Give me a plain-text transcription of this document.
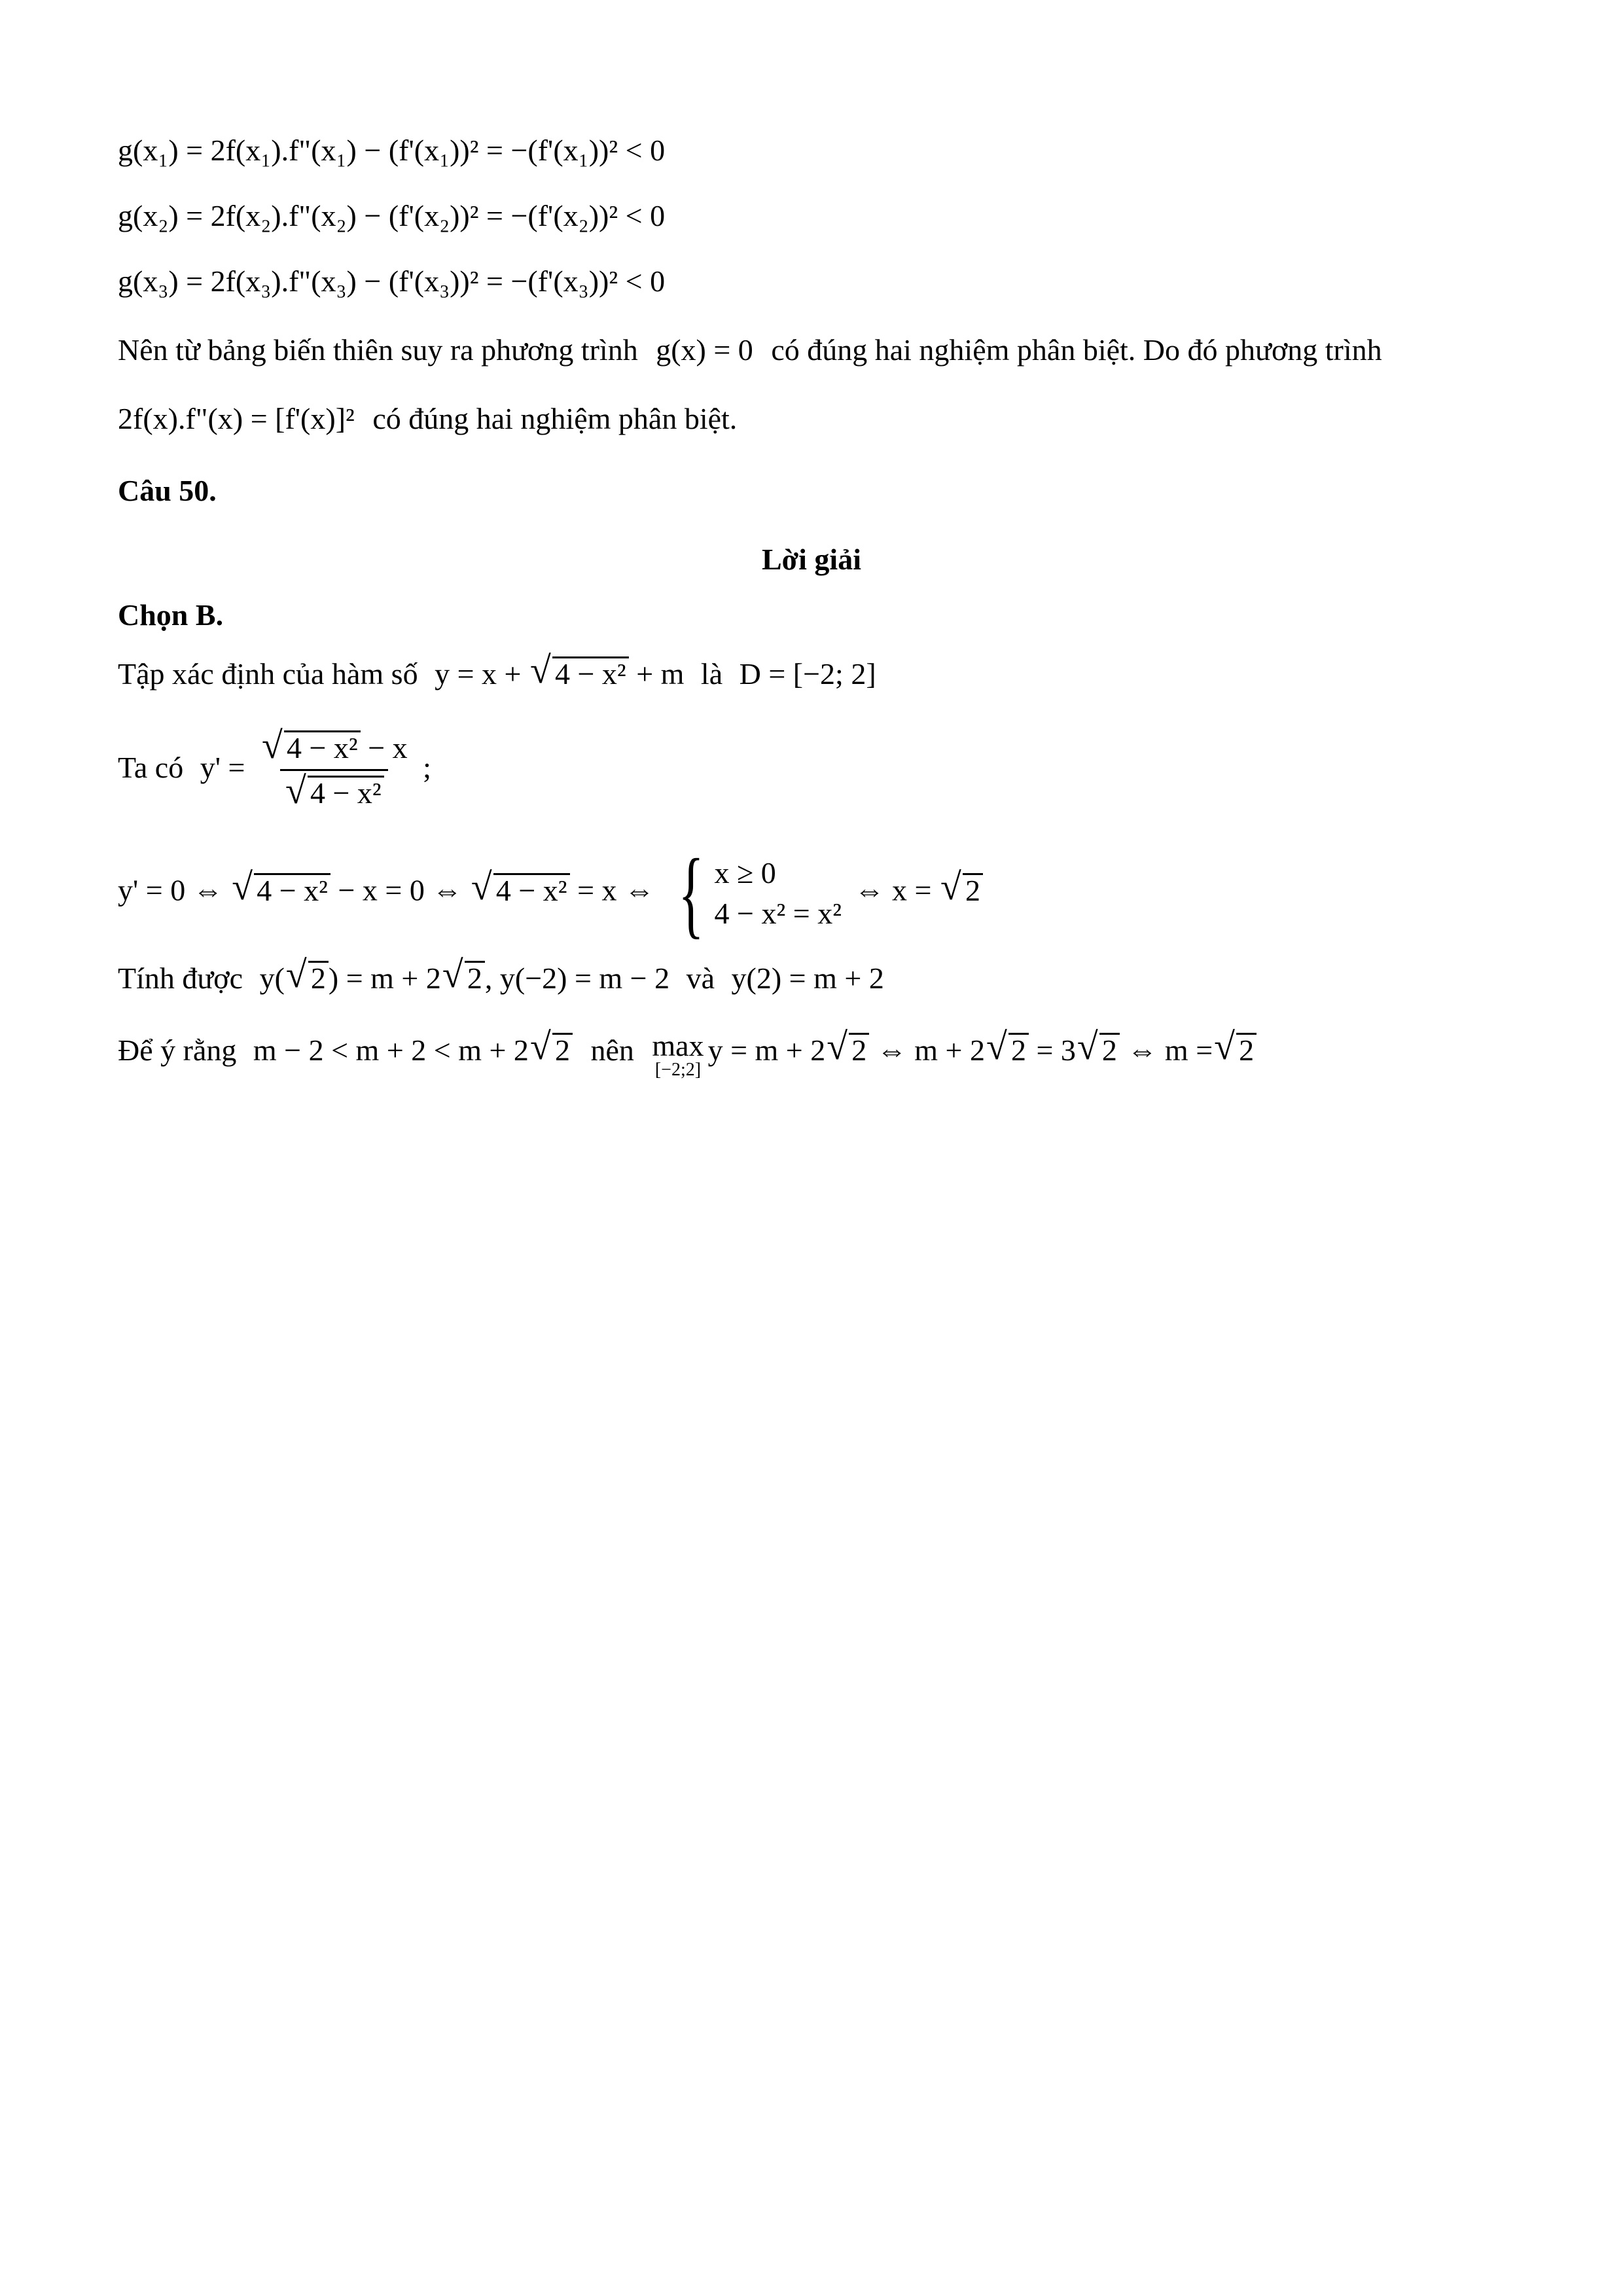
g(x₁) = 2f(x₁).f"(x₁) − (f'(x₁))² = −(f'(x₁))² < 0
g(x₂) = 2f(x₂).f"(x₂) − (f'(x₂))² = −(f'(x₂))² < 0
g(x₃) = 2f(x₃).f"(x₃) − (f'(x₃))² = −(f'(x₃))² < 0
Nên từ bảng biến thiên suy ra phương trình g(x) = 0 có đúng hai nghiệm phân biệt. Do đó phương trình
2f(x).f"(x) = [f'(x)]² có đúng hai nghiệm phân biệt.
Câu 50.
Lời giải
Chọn B.
Tập xác định của hàm số y = x + √ 4 − x² + m là D = [−2; 2]
Ta có $y' = \frac{\text{√ 4 − x² − x}}{\text{√ 4 − x²}}$ ;
y' = 0 ⇔ √ 4 − x² − x = 0 ⇔ √ 4 − x² = x ⇔ { x ≥ 0
4 − x² = x²
⇔ x = √ 2
Tính được y( √ 2) = m + 2 √ 2, y(−2) = m − 2 và y(2) = m + 2
Để ý rằng m − 2 < m + 2 < m + 2 √ 2 nên max
[−2;2]
y = m + 2 √ 2 ⇔ m + 2 √ 2 = 3 √ 2 ⇔ m = √ 2
